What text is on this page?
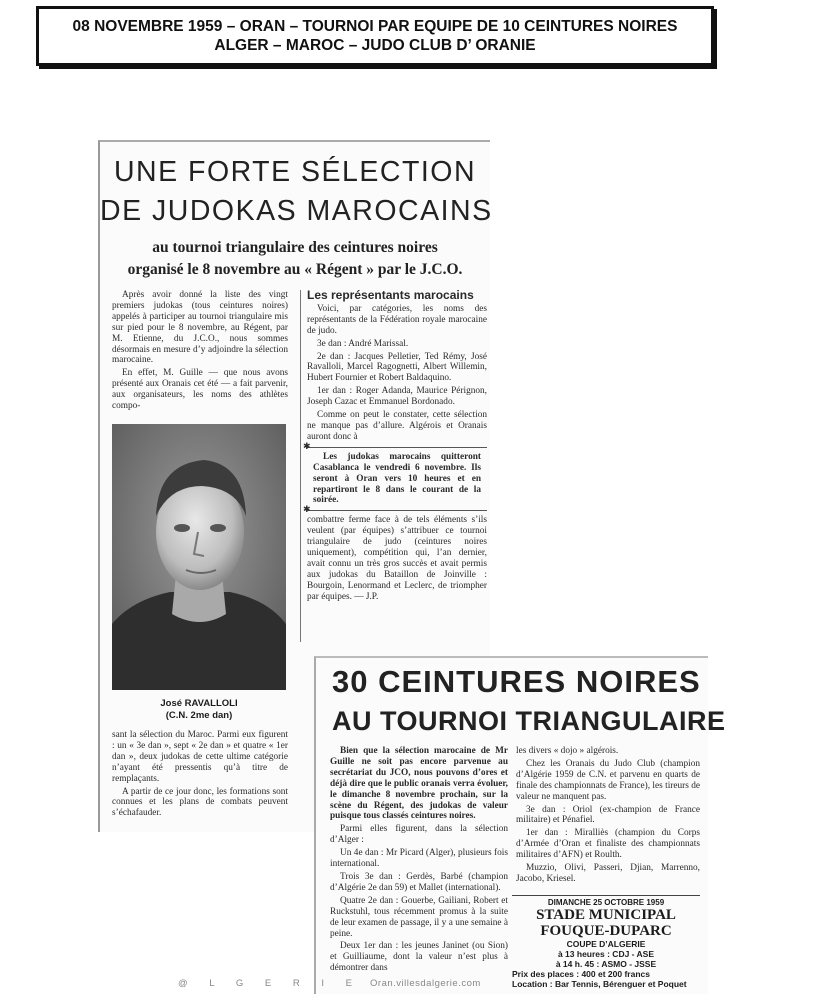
08 NOVEMBRE 1959 – ORAN – TOURNOI PAR EQUIPE DE 10 CEINTURES NOIRES
ALGER – MAROC – JUDO CLUB D’ ORANIE
UNE FORTE SÉLECTION
DE JUDOKAS MAROCAINS
au tournoi triangulaire des ceintures noires
organisé le 8 novembre au « Régent » par le J.C.O.

Après avoir donné la liste des vingt premiers judokas (tous ceintures noires) appelés à participer au tournoi triangulaire mis sur pied pour le 8 novembre, au Régent, par M. Etienne, du J.C.O., nous sommes désormais en mesure d’y adjoindre la sélection marocaine.

En effet, M. Guille — que nous avons présenté aux Oranais cet été — a fait parvenir, aux organisateurs, les noms des athlètes compo-

José RAVALLOLI
(C.N. 2me dan)

sant la sélection du Maroc. Parmi eux figurent : un « 3e dan », sept « 2e dan » et quatre « 1er dan », deux judokas de cette ultime catégorie n’ayant été pressentis qu’à titre de remplaçants.

A partir de ce jour donc, les formations sont connues et les plans de combats peuvent s’échafauder.

Les représentants marocains

Voici, par catégories, les noms des représentants de la Fédération royale marocaine de judo.

3e dan : André Marissal.

2e dan : Jacques Pelletier, Ted Rémy, José Ravalloli, Marcel Ragognetti, Albert Willemin, Hubert Fournier et Robert Baldaquino.

1er dan : Roger Adanda, Maurice Pérignon, Joseph Cazac et Emmanuel Bordonado.

Comme on peut le constater, cette sélection ne manque pas d’allure. Algérois et Oranais auront donc à

✱

Les judokas marocains quitteront Casablanca le vendredi 6 novembre. Ils seront à Oran vers 10 heures et en repartiront le 8 dans le courant de la soirée.

✱

combattre ferme face à de tels éléments s’ils veulent (par équipes) s’attribuer ce tournoi triangulaire de judo (ceintures noires uniquement), compétition qui, l’an dernier, avait connu un très gros succès et avait permis aux judokas du Bataillon de Joinville : Bourgoin, Lenormand et Leclerc, de triompher par équipes. — J.P.

30 CEINTURES NOIRES
AU TOURNOI TRIANGULAIRE

Bien que la sélection marocaine de Mr Guille ne soit pas encore parvenue au secrétariat du JCO, nous pouvons d’ores et déjà dire que le public oranais verra évoluer, le dimanche 8 novembre prochain, sur la scène du Régent, des judokas de valeur puisque tous classés ceintures noires.

Parmi elles figurent, dans la sélection d’Alger :

Un 4e dan : Mr Picard (Alger), plusieurs fois international.

Trois 3e dan : Gerdès, Barbé (champion d’Algérie 2e dan 59) et Mallet (international).

Quatre 2e dan : Gouerbe, Gailiani, Robert et Ruckstuhl, tous récemment promus à la suite de leur examen de passage, il y a une semaine à peine.

Deux 1er dan : les jeunes Janinet (ou Sion) et Guilliaume, dont la valeur n’est plus à démontrer dans

les divers « dojo » algérois.

Chez les Oranais du Judo Club (champion d’Algérie 1959 de C.N. et parvenu en quarts de finale des championnats de France), les tireurs de valeur ne manquent pas.

3e dan : Oriol (ex-champion de France militaire) et Pénafiel.

1er dan : Miralliès (champion du Corps d’Armée d’Oran et finaliste des championnats militaires d’AFN) et Roulth.

Muzzio, Olivi, Passeri, Djian, Marrenno, Jacobo, Kriesel.

DIMANCHE 25 OCTOBRE 1959
STADE MUNICIPAL
FOUQUE-DUPARC
COUPE D’ALGERIE
à 13 heures : CDJ - ASE
à 14 h. 45 : ASMO - JSSE
Prix des places : 400 et 200 francs
Location : Bar Tennis, Bérenguer et Poquet
@ L G E R I E Oran.villesdalgerie.com
